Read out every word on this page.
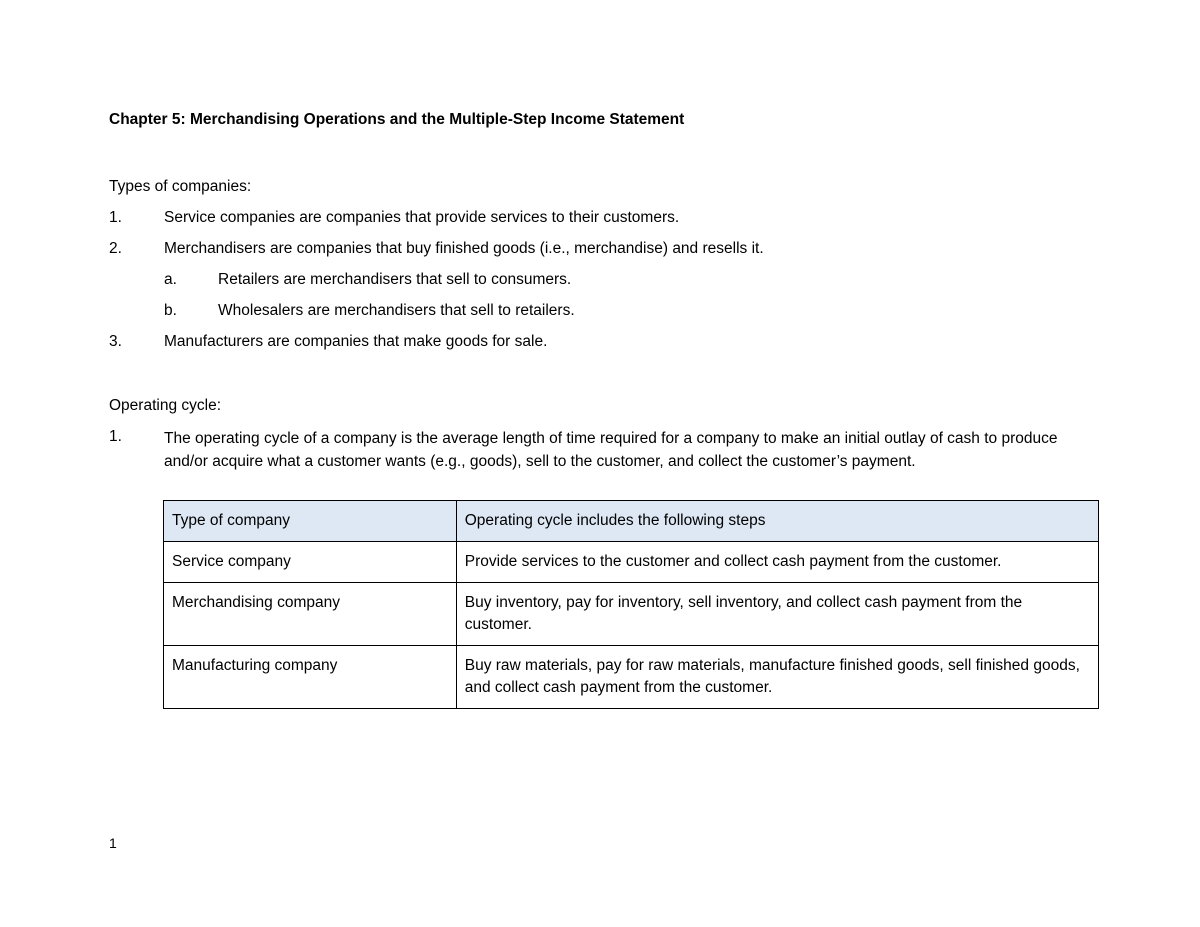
Chapter 5: Merchandising Operations and the Multiple-Step Income Statement
Types of companies:
1.	Service companies are companies that provide services to their customers.
2.	Merchandisers are companies that buy finished goods (i.e., merchandise) and resells it.
a.	Retailers are merchandisers that sell to consumers.
b.	Wholesalers are merchandisers that sell to retailers.
3.	Manufacturers are companies that make goods for sale.
Operating cycle:
1.	The operating cycle of a company is the average length of time required for a company to make an initial outlay of cash to produce and/or acquire what a customer wants (e.g., goods), sell to the customer, and collect the customer’s payment.
Type of company	Operating cycle includes the following steps
Service company	Provide services to the customer and collect cash payment from the customer.
Merchandising company	Buy inventory, pay for inventory, sell inventory, and collect cash payment from the customer.
Manufacturing company	Buy raw materials, pay for raw materials, manufacture finished goods, sell finished goods, and collect cash payment from the customer.
1
